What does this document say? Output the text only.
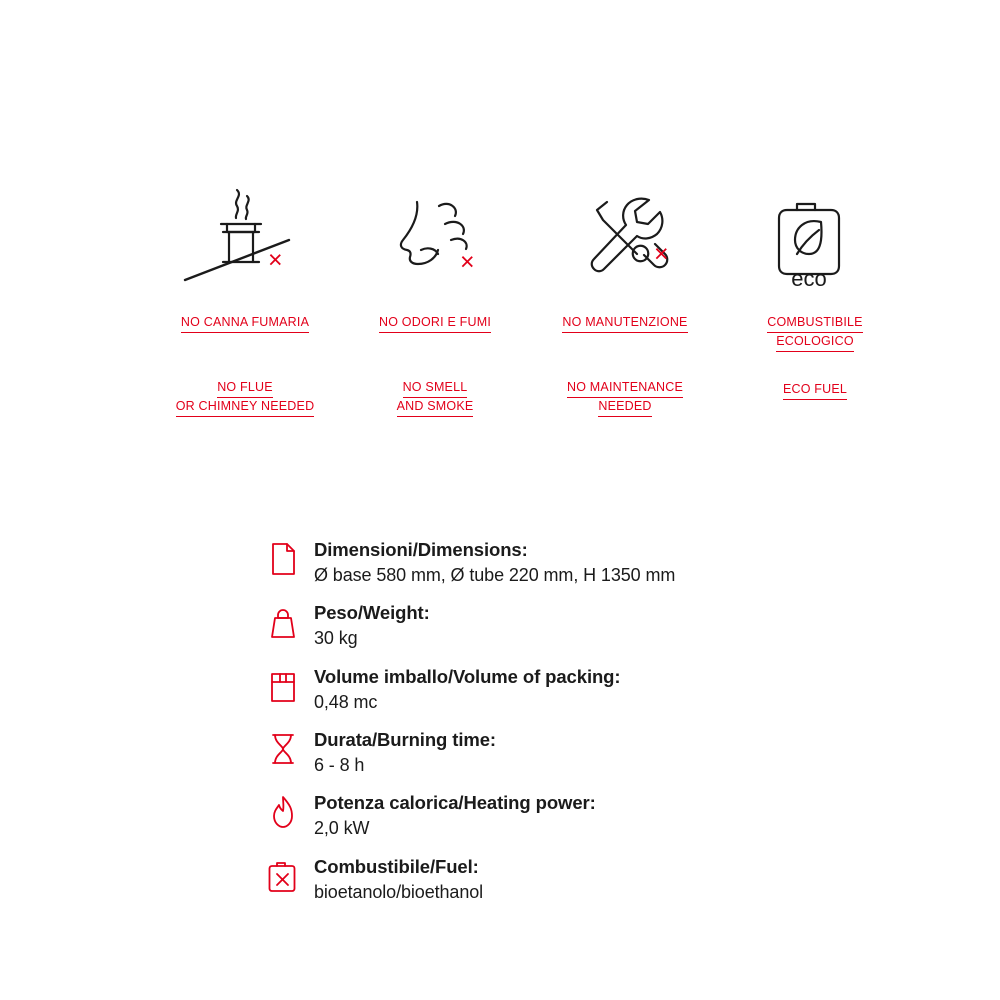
×
NO CANNA FUMARIA
NO FLUE
OR CHIMNEY NEEDED
×
NO ODORI E FUMI
NO SMELL
AND SMOKE
×
NO MANUTENZIONE
NO MAINTENANCE
NEEDED
eco
COMBUSTIBILE
ECOLOGICO
ECO FUEL
Dimensioni/Dimensions:
Ø base 580 mm, Ø tube 220 mm, H 1350 mm
Peso/Weight:
30 kg
Volume imballo/Volume of packing:
0,48 mc
Durata/Burning time:
6 - 8 h
Potenza calorica/Heating power:
2,0 kW
Combustibile/Fuel:
bioetanolo/bioethanol
